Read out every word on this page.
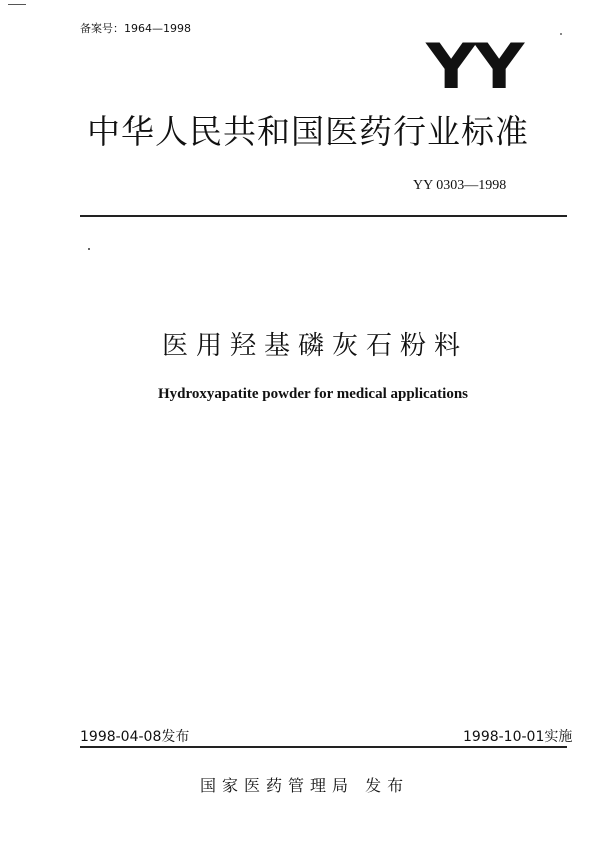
备案号：1964—1998
YY
中华人民共和国医药行业标准
YY 0303—1998
医用羟基磷灰石粉料
Hydroxyapatite powder for medical applications
1998-04-08发布	1998-10-01实施
国家医药管理局 发布
